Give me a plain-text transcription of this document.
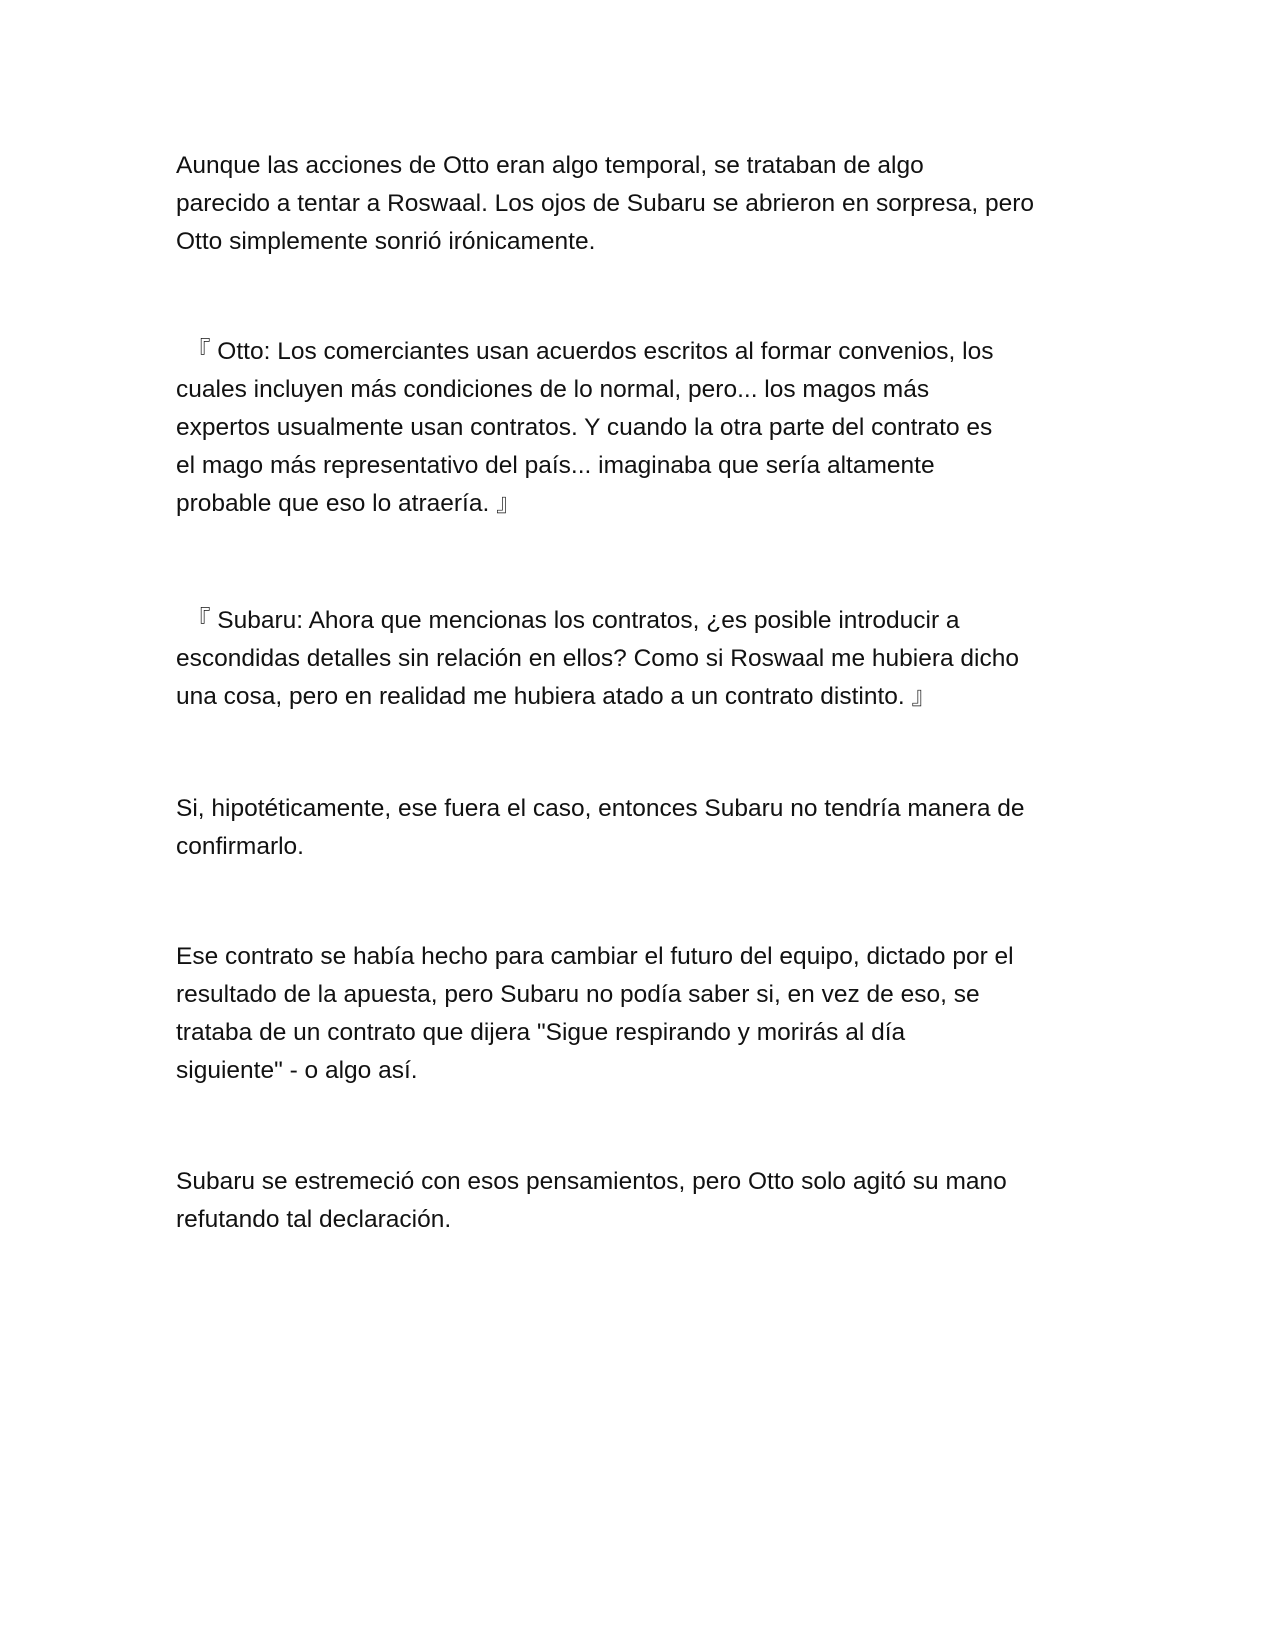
Aunque las acciones de Otto eran algo temporal, se trataban de algo
parecido a tentar a Roswaal. Los ojos de Subaru se abrieron en sorpresa, pero
Otto simplemente sonrió irónicamente.

『 Otto: Los comerciantes usan acuerdos escritos al formar convenios, los
cuales incluyen más condiciones de lo normal, pero... los magos más
expertos usualmente usan contratos. Y cuando la otra parte del contrato es
el mago más representativo del país... imaginaba que sería altamente
probable que eso lo atraería. 』

『 Subaru: Ahora que mencionas los contratos, ¿es posible introducir a
escondidas detalles sin relación en ellos? Como si Roswaal me hubiera dicho
una cosa, pero en realidad me hubiera atado a un contrato distinto. 』

Si, hipotéticamente, ese fuera el caso, entonces Subaru no tendría manera de
confirmarlo.

Ese contrato se había hecho para cambiar el futuro del equipo, dictado por el
resultado de la apuesta, pero Subaru no podía saber si, en vez de eso, se
trataba de un contrato que dijera "Sigue respirando y morirás al día
siguiente" - o algo así.

Subaru se estremeció con esos pensamientos, pero Otto solo agitó su mano
refutando tal declaración.
